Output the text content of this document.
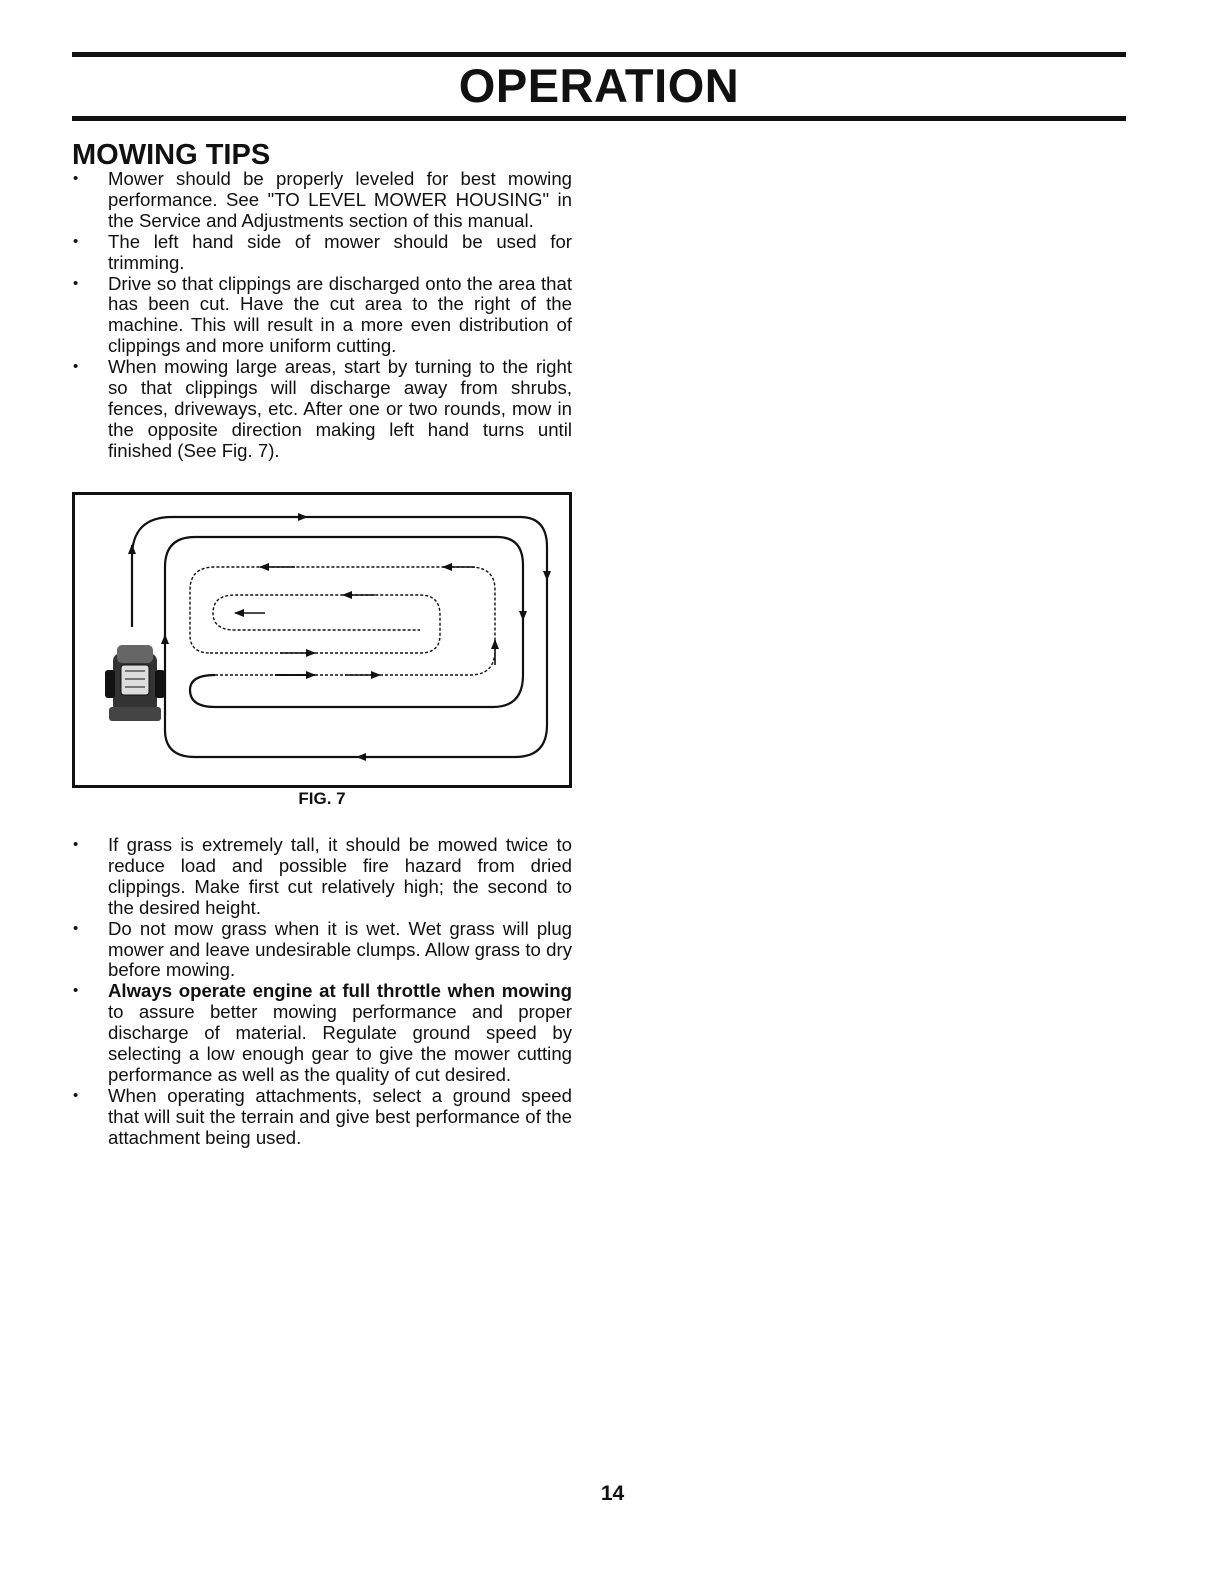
OPERATION
MOWING TIPS

• Mower should be properly leveled for best mowing performance. See "TO LEVEL MOWER HOUSING" in the Service and Adjustments section of this manual.

• The left hand side of mower should be used for trimming.

• Drive so that clippings are discharged onto the area that has been cut. Have the cut area to the right of the machine. This will result in a more even distribution of clippings and more uniform cutting.

• When mowing large areas, start by turning to the right so that clippings will discharge away from shrubs, fences, driveways, etc. After one or two rounds, mow in the opposite direction making left hand turns until finished (See Fig. 7).

FIG. 7

• If grass is extremely tall, it should be mowed twice to reduce load and possible fire hazard from dried clippings. Make first cut relatively high; the second to the desired height.

• Do not mow grass when it is wet. Wet grass will plug mower and leave undesirable clumps. Allow grass to dry before mowing.

• Always operate engine at full throttle when mowing to assure better mowing performance and proper discharge of material. Regulate ground speed by selecting a low enough gear to give the mower cutting performance as well as the quality of cut desired.

• When operating attachments, select a ground speed that will suit the terrain and give best performance of the attachment being used.

14
